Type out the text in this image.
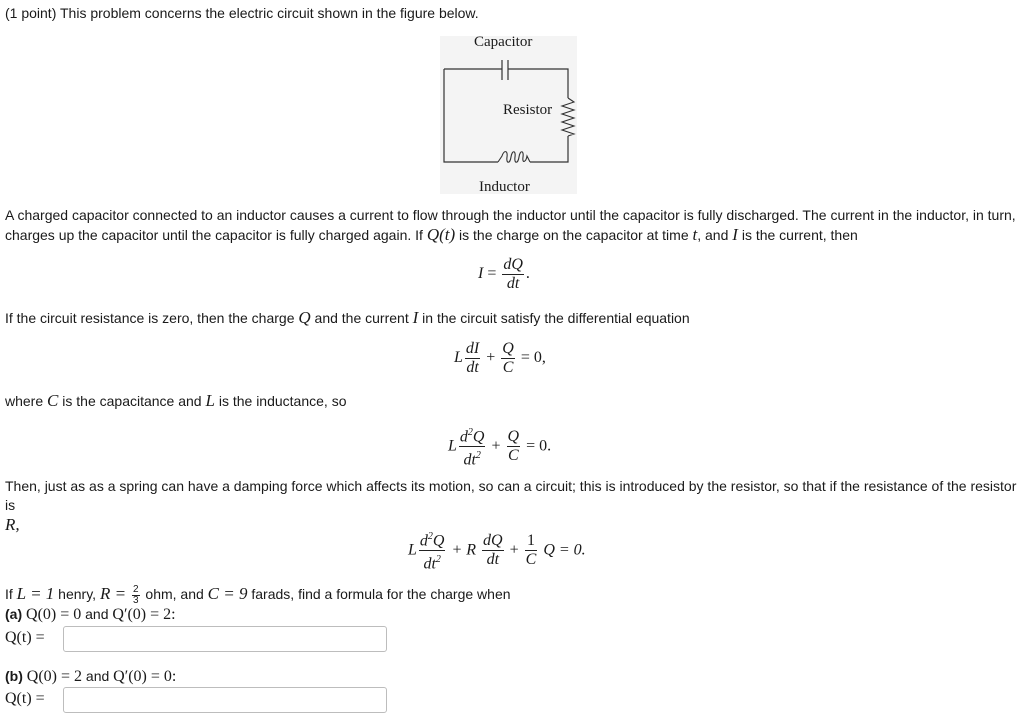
(1 point) This problem concerns the electric circuit shown in the figure below.
Capacitor
Resistor
Inductor
A charged capacitor connected to an inductor causes a current to flow through the inductor until the capacitor is fully discharged. The current in the inductor, in turn,
charges up the capacitor until the capacitor is fully charged again. If Q(t) is the charge on the capacitor at time t, and I is the current, then
$I = \frac{dQ}{dt}$ .
If the circuit resistance is zero, then the charge Q and the current I in the circuit satisfy the differential equation
L $\frac{dI}{dt} + \frac{Q}{C} = 0$,
where C is the capacitance and L is the inductance, so
L $\frac{d^2Q}{dt^2} + \frac{Q}{C} = 0$.
Then, just as as a spring can have a damping force which affects its motion, so can a circuit; this is introduced by the resistor, so that if the resistance of the resistor is
R,
L $\frac{d^2Q}{dt^2} + R \frac{dQ}{dt} + \frac{1}{C}$ Q = 0.
If L = 1 henry, $R = \frac{2}{3}$ ohm, and C = 9 farads, find a formula for the charge when
(a) Q(0) = 0 and Q′(0) = 2:
Q(t) =
(b) Q(0) = 2 and Q′(0) = 0:
Q(t) =
